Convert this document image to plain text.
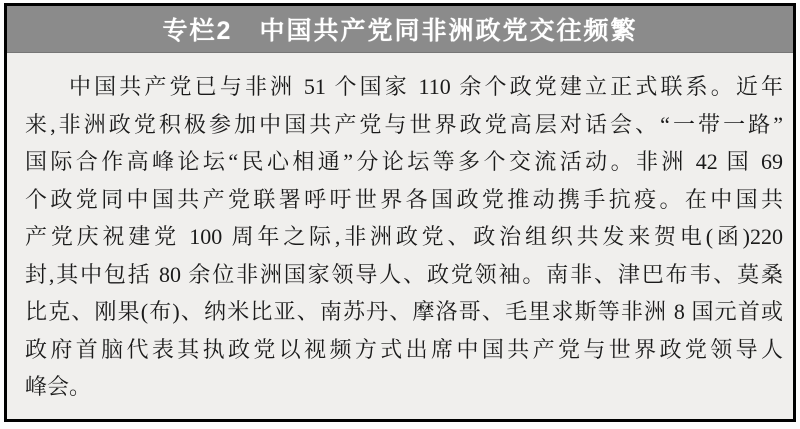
专栏2　中国共产党同非洲政党交往频繁
中国共产党已与非洲 51 个国家 110 余个政党建立正式联系。近年
来,非洲政党积极参加中国共产党与世界政党高层对话会、“一带一路”
国际合作高峰论坛“民心相通”分论坛等多个交流活动。非洲 42 国 69
个政党同中国共产党联署呼吁世界各国政党推动携手抗疫。在中国共
产党庆祝建党 100 周年之际,非洲政党、政治组织共发来贺电(函)220
封,其中包括 80 余位非洲国家领导人、政党领袖。南非、津巴布韦、莫桑
比克、刚果(布)、纳米比亚、南苏丹、摩洛哥、毛里求斯等非洲 8 国元首或
政府首脑代表其执政党以视频方式出席中国共产党与世界政党领导人
峰会。
